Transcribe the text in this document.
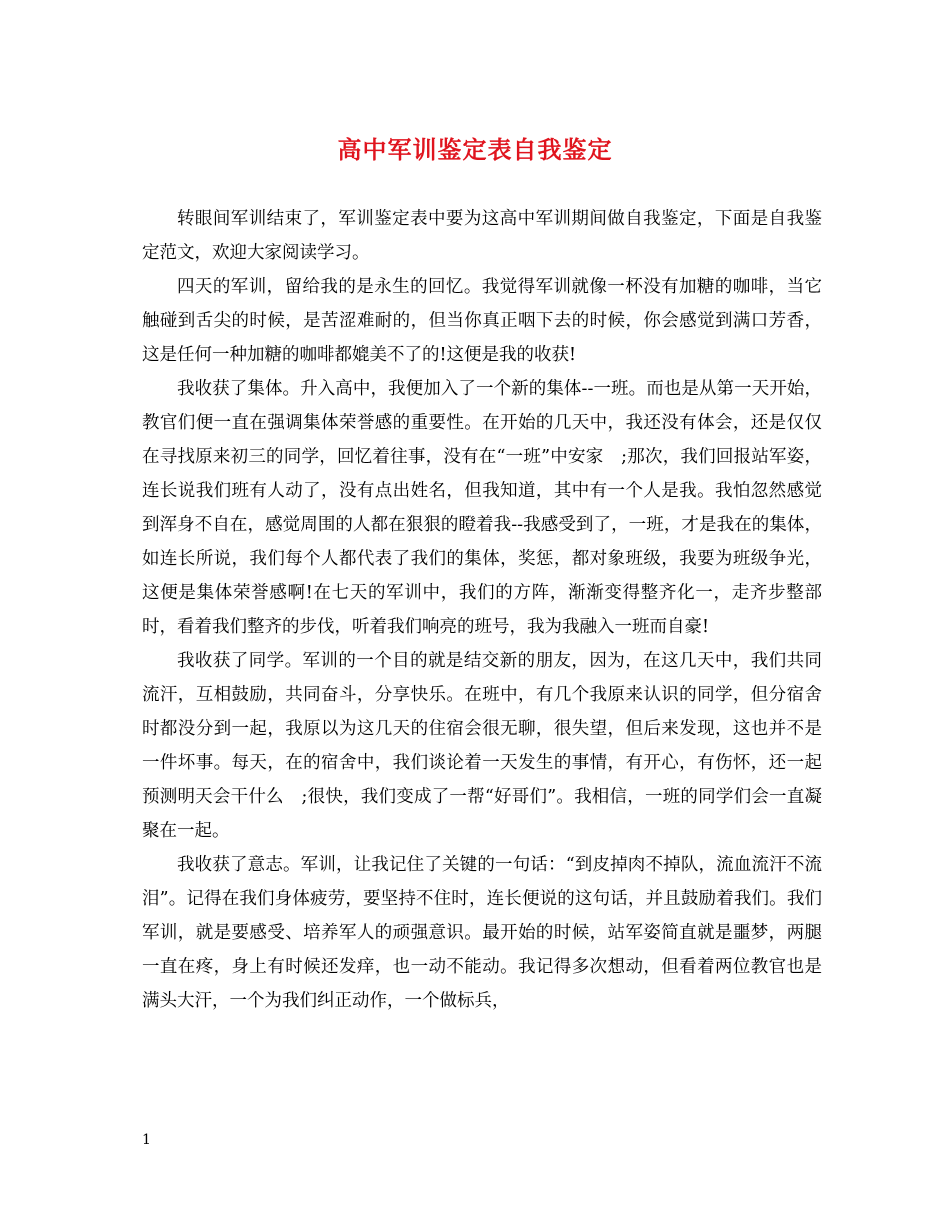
高中军训鉴定表自我鉴定

转眼间军训结束了，军训鉴定表中要为这高中军训期间做自我鉴定，下面是自我鉴定范文，欢迎大家阅读学习。

四天的军训，留给我的是永生的回忆。我觉得军训就像一杯没有加糖的咖啡，当它触碰到舌尖的时候，是苦涩难耐的，但当你真正咽下去的时候，你会感觉到满口芳香，这是任何一种加糖的咖啡都媲美不了的!这便是我的收获!

我收获了集体。升入高中，我便加入了一个新的集体--一班。而也是从第一天开始，教官们便一直在强调集体荣誉感的重要性。在开始的几天中，我还没有体会，还是仅仅在寻找原来初三的同学，回忆着往事，没有在“一班”中安家　;那次，我们回报站军姿，连长说我们班有人动了，没有点出姓名，但我知道，其中有一个人是我。我怕忽然感觉到浑身不自在，感觉周围的人都在狠狠的瞪着我--我感受到了，一班，才是我在的集体，如连长所说，我们每个人都代表了我们的集体，奖惩，都对象班级，我要为班级争光，这便是集体荣誉感啊!在七天的军训中，我们的方阵，渐渐变得整齐化一，走齐步整部时，看着我们整齐的步伐，听着我们响亮的班号，我为我融入一班而自豪!

我收获了同学。军训的一个目的就是结交新的朋友，因为，在这几天中，我们共同流汗，互相鼓励，共同奋斗，分享快乐。在班中，有几个我原来认识的同学，但分宿舍时都没分到一起，我原以为这几天的住宿会很无聊，很失望，但后来发现，这也并不是一件坏事。每天，在的宿舍中，我们谈论着一天发生的事情，有开心，有伤怀，还一起预测明天会干什么　;很快，我们变成了一帮“好哥们”。我相信，一班的同学们会一直凝聚在一起。

我收获了意志。军训，让我记住了关键的一句话：“到皮掉肉不掉队，流血流汗不流泪”。记得在我们身体疲劳，要坚持不住时，连长便说的这句话，并且鼓励着我们。我们军训，就是要感受、培养军人的顽强意识。最开始的时候，站军姿简直就是噩梦，两腿一直在疼，身上有时候还发痒，也一动不能动。我记得多次想动，但看着两位教官也是满头大汗，一个为我们纠正动作，一个做标兵，

1
